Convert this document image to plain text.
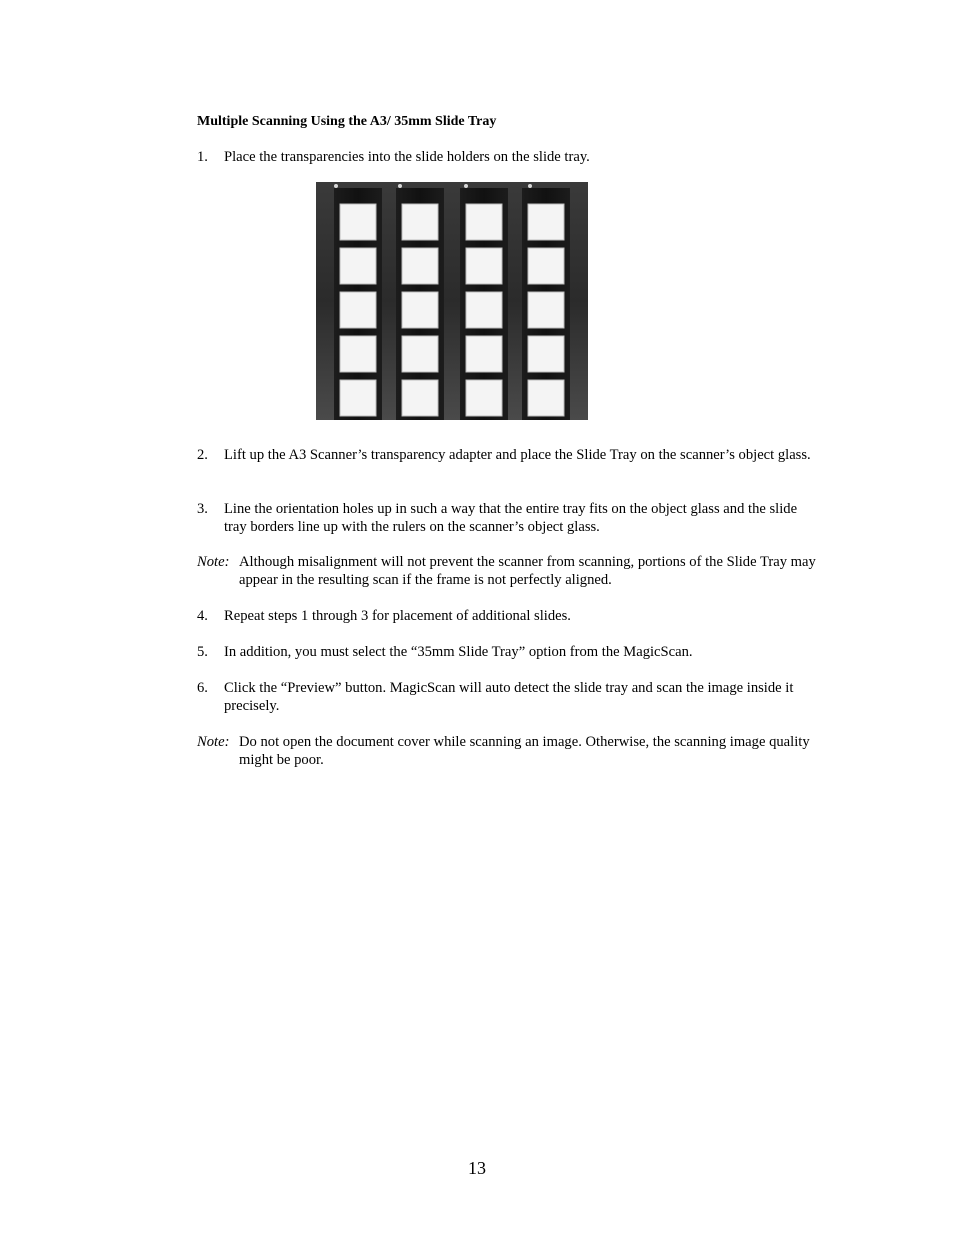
Multiple Scanning Using the A3/ 35mm Slide Tray
1. Place the transparencies into the slide holders on the slide tray.
2. Lift up the A3 Scanner’s transparency adapter and place the Slide Tray on the scanner’s object glass.
3. Line the orientation holes up in such a way that the entire tray fits on the object glass and the slide tray borders line up with the rulers on the scanner’s object glass.
Note: Although misalignment will not prevent the scanner from scanning, portions of the Slide Tray may appear in the resulting scan if the frame is not perfectly aligned.
4. Repeat steps 1 through 3 for placement of additional slides.
5. In addition, you must select the “35mm Slide Tray” option from the MagicScan.
6. Click the “Preview” button. MagicScan will auto detect the slide tray and scan the image inside it precisely.
Note: Do not open the document cover while scanning an image. Otherwise, the scanning image quality might be poor.
13
